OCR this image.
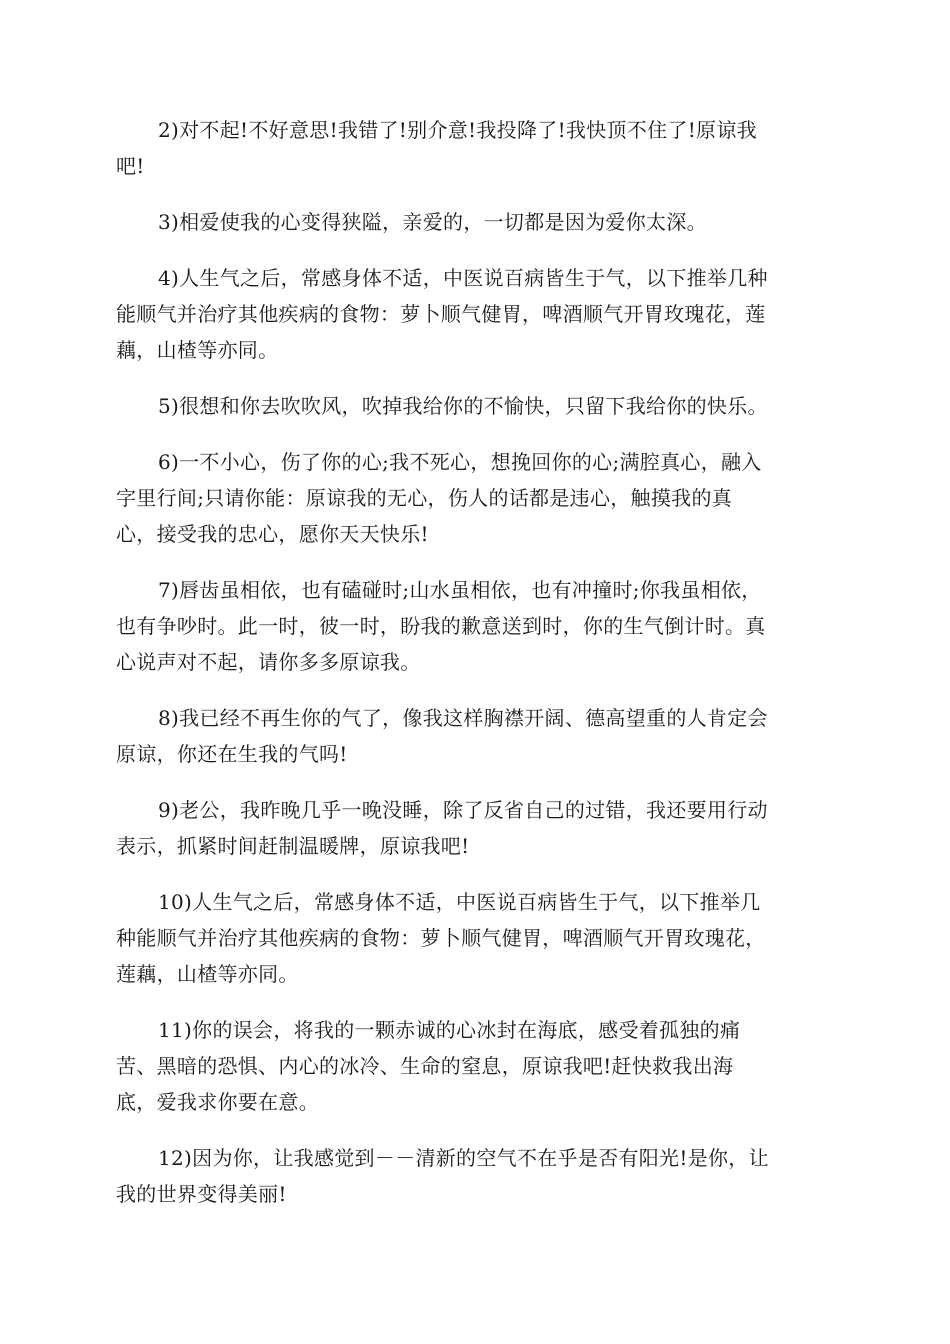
2)对不起!不好意思!我错了!别介意!我投降了!我快顶不住了!原谅我
吧!

3)相爱使我的心变得狭隘，亲爱的，一切都是因为爱你太深。

4)人生气之后，常感身体不适，中医说百病皆生于气，以下推举几种
能顺气并治疗其他疾病的食物：萝卜顺气健胃，啤酒顺气开胃玫瑰花，莲
藕，山楂等亦同。

5)很想和你去吹吹风，吹掉我给你的不愉快，只留下我给你的快乐。

6)一不小心，伤了你的心;我不死心，想挽回你的心;满腔真心，融入
字里行间;只请你能：原谅我的无心，伤人的话都是违心，触摸我的真
心，接受我的忠心，愿你天天快乐!

7)唇齿虽相依，也有磕碰时;山水虽相依，也有冲撞时;你我虽相依，
也有争吵时。此一时，彼一时，盼我的歉意送到时，你的生气倒计时。真
心说声对不起，请你多多原谅我。

8)我已经不再生你的气了，像我这样胸襟开阔、德高望重的人肯定会
原谅，你还在生我的气吗!

9)老公，我昨晚几乎一晚没睡，除了反省自己的过错，我还要用行动
表示，抓紧时间赶制温暖牌，原谅我吧!

10)人生气之后，常感身体不适，中医说百病皆生于气，以下推举几
种能顺气并治疗其他疾病的食物：萝卜顺气健胃，啤酒顺气开胃玫瑰花，
莲藕，山楂等亦同。

11)你的误会，将我的一颗赤诚的心冰封在海底，感受着孤独的痛
苦、黑暗的恐惧、内心的冰冷、生命的窒息，原谅我吧!赶快救我出海
底，爱我求你要在意。

12)因为你，让我感觉到－－清新的空气不在乎是否有阳光!是你，让
我的世界变得美丽!
